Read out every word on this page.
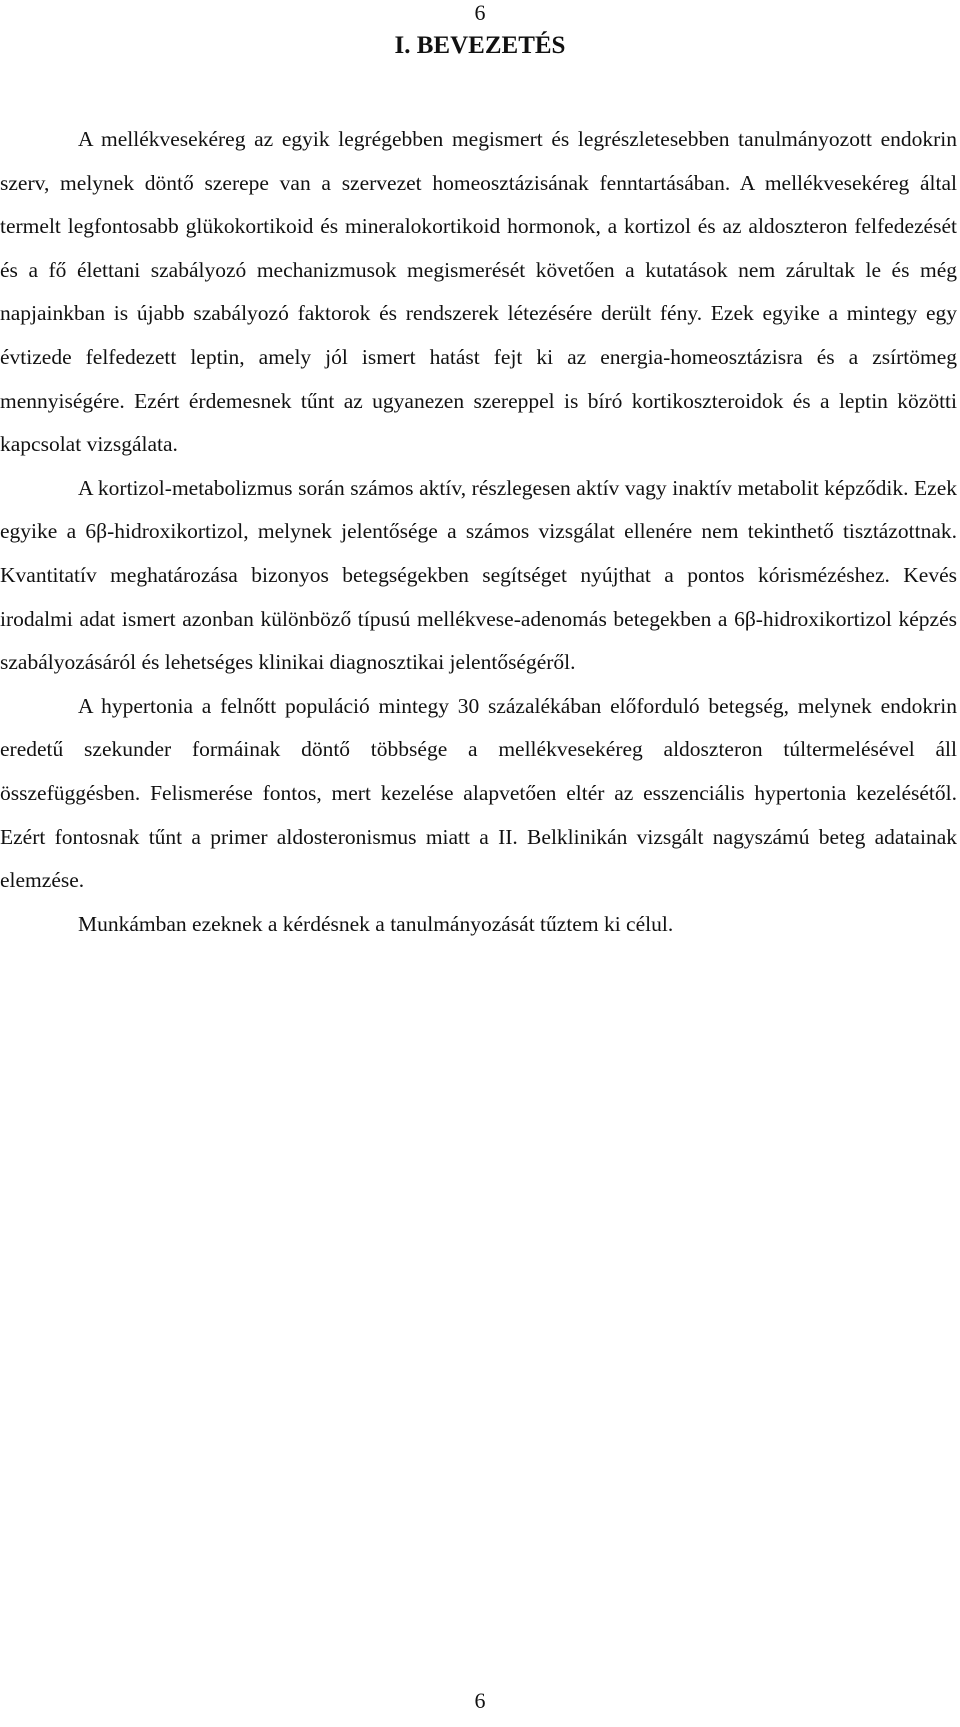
6
I. BEVEZETÉS

A mellékvesekéreg az egyik legrégebben megismert és legrészletesebben tanulmányozott endokrin szerv, melynek döntő szerepe van a szervezet homeosztázisának fenntartásában. A mellékvesekéreg által termelt legfontosabb glükokortikoid és mineralokortikoid hormonok, a kortizol és az aldoszteron felfedezését és a fő élettani szabályozó mechanizmusok megismerését követően a kutatások nem zárultak le és még napjainkban is újabb szabályozó faktorok és rendszerek létezésére derült fény. Ezek egyike a mintegy egy évtizede felfedezett leptin, amely jól ismert hatást fejt ki az energia-homeosztázisra és a zsírtömeg mennyiségére. Ezért érdemesnek tűnt az ugyanezen szereppel is bíró kortikoszteroidok és a leptin közötti kapcsolat vizsgálata.

A kortizol-metabolizmus során számos aktív, részlegesen aktív vagy inaktív metabolit képződik. Ezek egyike a 6β-hidroxikortizol, melynek jelentősége a számos vizsgálat ellenére nem tekinthető tisztázottnak. Kvantitatív meghatározása bizonyos betegségekben segítséget nyújthat a pontos kórismézéshez. Kevés irodalmi adat ismert azonban különböző típusú mellékvese-adenomás betegekben a 6β-hidroxikortizol képzés szabályozásáról és lehetséges klinikai diagnosztikai jelentőségéről.

A hypertonia a felnőtt populáció mintegy 30 százalékában előforduló betegség, melynek endokrin eredetű szekunder formáinak döntő többsége a mellékvesekéreg aldoszteron túltermelésével áll összefüggésben. Felismerése fontos, mert kezelése alapvetően eltér az esszenciális hypertonia kezelésétől. Ezért fontosnak tűnt a primer aldosteronismus miatt a II. Belklinikán vizsgált nagyszámú beteg adatainak elemzése.

Munkámban ezeknek a kérdésnek a tanulmányozását tűztem ki célul.

6
